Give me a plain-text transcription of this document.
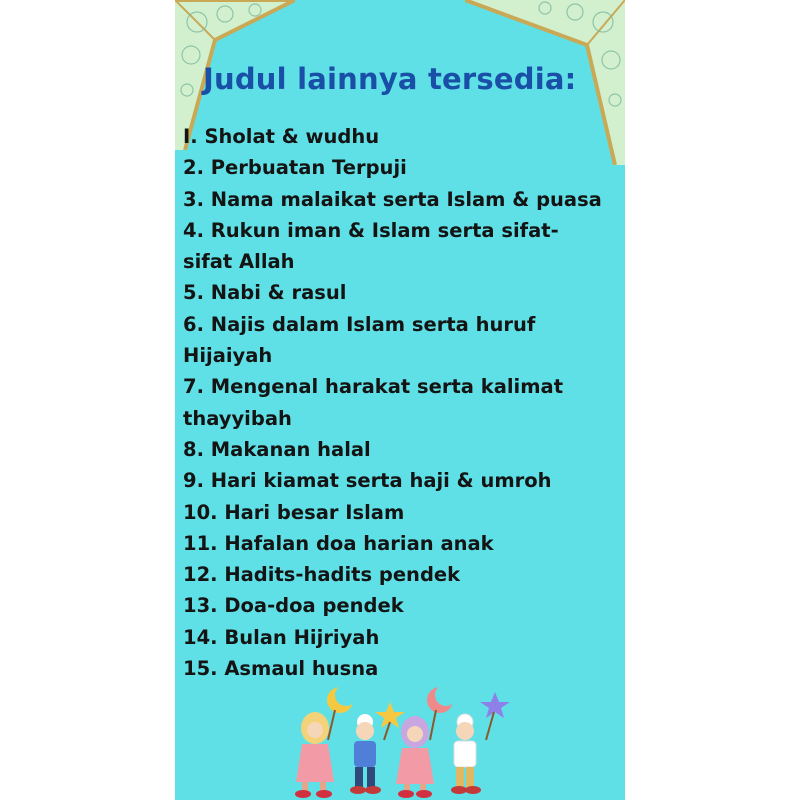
Judul lainnya tersedia:
I. Sholat & wudhu
2. Perbuatan Terpuji
3. Nama malaikat serta Islam & puasa
4. Rukun iman & Islam serta sifat-
sifat Allah
5. Nabi & rasul
6. Najis dalam Islam serta huruf
Hijaiyah
7. Mengenal harakat serta kalimat
thayyibah
8. Makanan halal
9. Hari kiamat serta haji & umroh
10. Hari besar Islam
11. Hafalan doa harian anak
12. Hadits-hadits pendek
13. Doa-doa pendek
14. Bulan Hijriyah
15. Asmaul husna
